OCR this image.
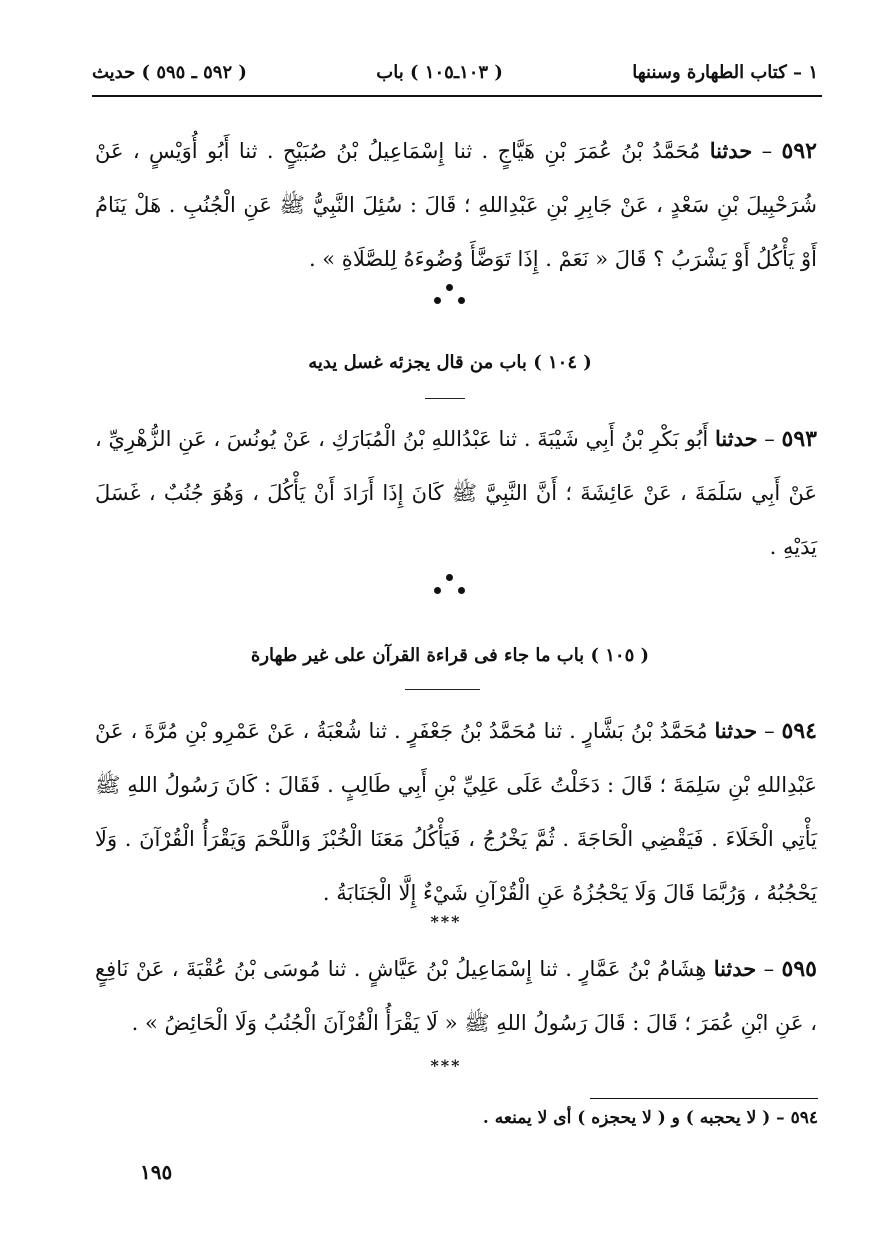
١ – كتاب الطهارة وسننها
( ١٠٣ـ١٠٥ ) باب
( ٥٩٢ ـ ٥٩٥ ) حديث
٥٩٢ – حدثنا مُحَمَّدُ بْنُ عُمَرَ بْنِ هَيَّاجٍ . ثنا إِسْمَاعِيلُ بْنُ صُبَيْحٍ . ثنا أَبُو أُوَيْسٍ ، عَنْ شُرَحْبِيلَ بْنِ سَعْدٍ ، عَنْ جَابِرِ بْنِ عَبْدِاللهِ ؛ قَالَ : سُئِلَ النَّبِيُّ ﷺ عَنِ الْجُنُبِ . هَلْ يَنَامُ أَوْ يَأْكُلُ أَوْ يَشْرَبُ ؟ قَالَ « نَعَمْ . إِذَا تَوَضَّأَ وُضُوءَهُ لِلصَّلَاةِ » .
( ١٠٤ ) باب من قال يجزئه غسل يديه
٥٩٣ – حدثنا أَبُو بَكْرِ بْنُ أَبِي شَيْبَةَ . ثنا عَبْدُاللهِ بْنُ الْمُبَارَكِ ، عَنْ يُونُسَ ، عَنِ الزُّهْرِيِّ ، عَنْ أَبِي سَلَمَةَ ، عَنْ عَائِشَةَ ؛ أَنَّ النَّبِيَّ ﷺ كَانَ إِذَا أَرَادَ أَنْ يَأْكُلَ ، وَهُوَ جُنُبٌ ، غَسَلَ يَدَيْهِ .
( ١٠٥ ) باب ما جاء فى قراءة القرآن على غير طهارة
٥٩٤ – حدثنا مُحَمَّدُ بْنُ بَشَّارٍ . ثنا مُحَمَّدُ بْنُ جَعْفَرٍ . ثنا شُعْبَةُ ، عَنْ عَمْرِو بْنِ مُرَّةَ ، عَنْ عَبْدِاللهِ بْنِ سَلِمَةَ ؛ قَالَ : دَخَلْتُ عَلَى عَلِيِّ بْنِ أَبِي طَالِبٍ . فَقَالَ : كَانَ رَسُولُ اللهِ ﷺ يَأْتِي الْخَلَاءَ . فَيَقْضِي الْحَاجَةَ . ثُمَّ يَخْرُجُ ، فَيَأْكُلُ مَعَنَا الْخُبْزَ وَاللَّحْمَ وَيَقْرَأُ الْقُرْآنَ . وَلَا يَحْجُبُهُ ، وَرُبَّمَا قَالَ وَلَا يَحْجُزُهُ عَنِ الْقُرْآنِ شَيْءٌ إِلَّا الْجَنَابَةُ .
***
٥٩٥ – حدثنا هِشَامُ بْنُ عَمَّارٍ . ثنا إِسْمَاعِيلُ بْنُ عَيَّاشٍ . ثنا مُوسَى بْنُ عُقْبَةَ ، عَنْ نَافِعٍ ، عَنِ ابْنِ عُمَرَ ؛ قَالَ : قَالَ رَسُولُ اللهِ ﷺ « لَا يَقْرَأُ الْقُرْآنَ الْجُنُبُ وَلَا الْحَائِضُ » .
***
٥٩٤ – ( لا يحجبه ) و ( لا يحجزه ) أى لا يمنعه .
١٩٥
